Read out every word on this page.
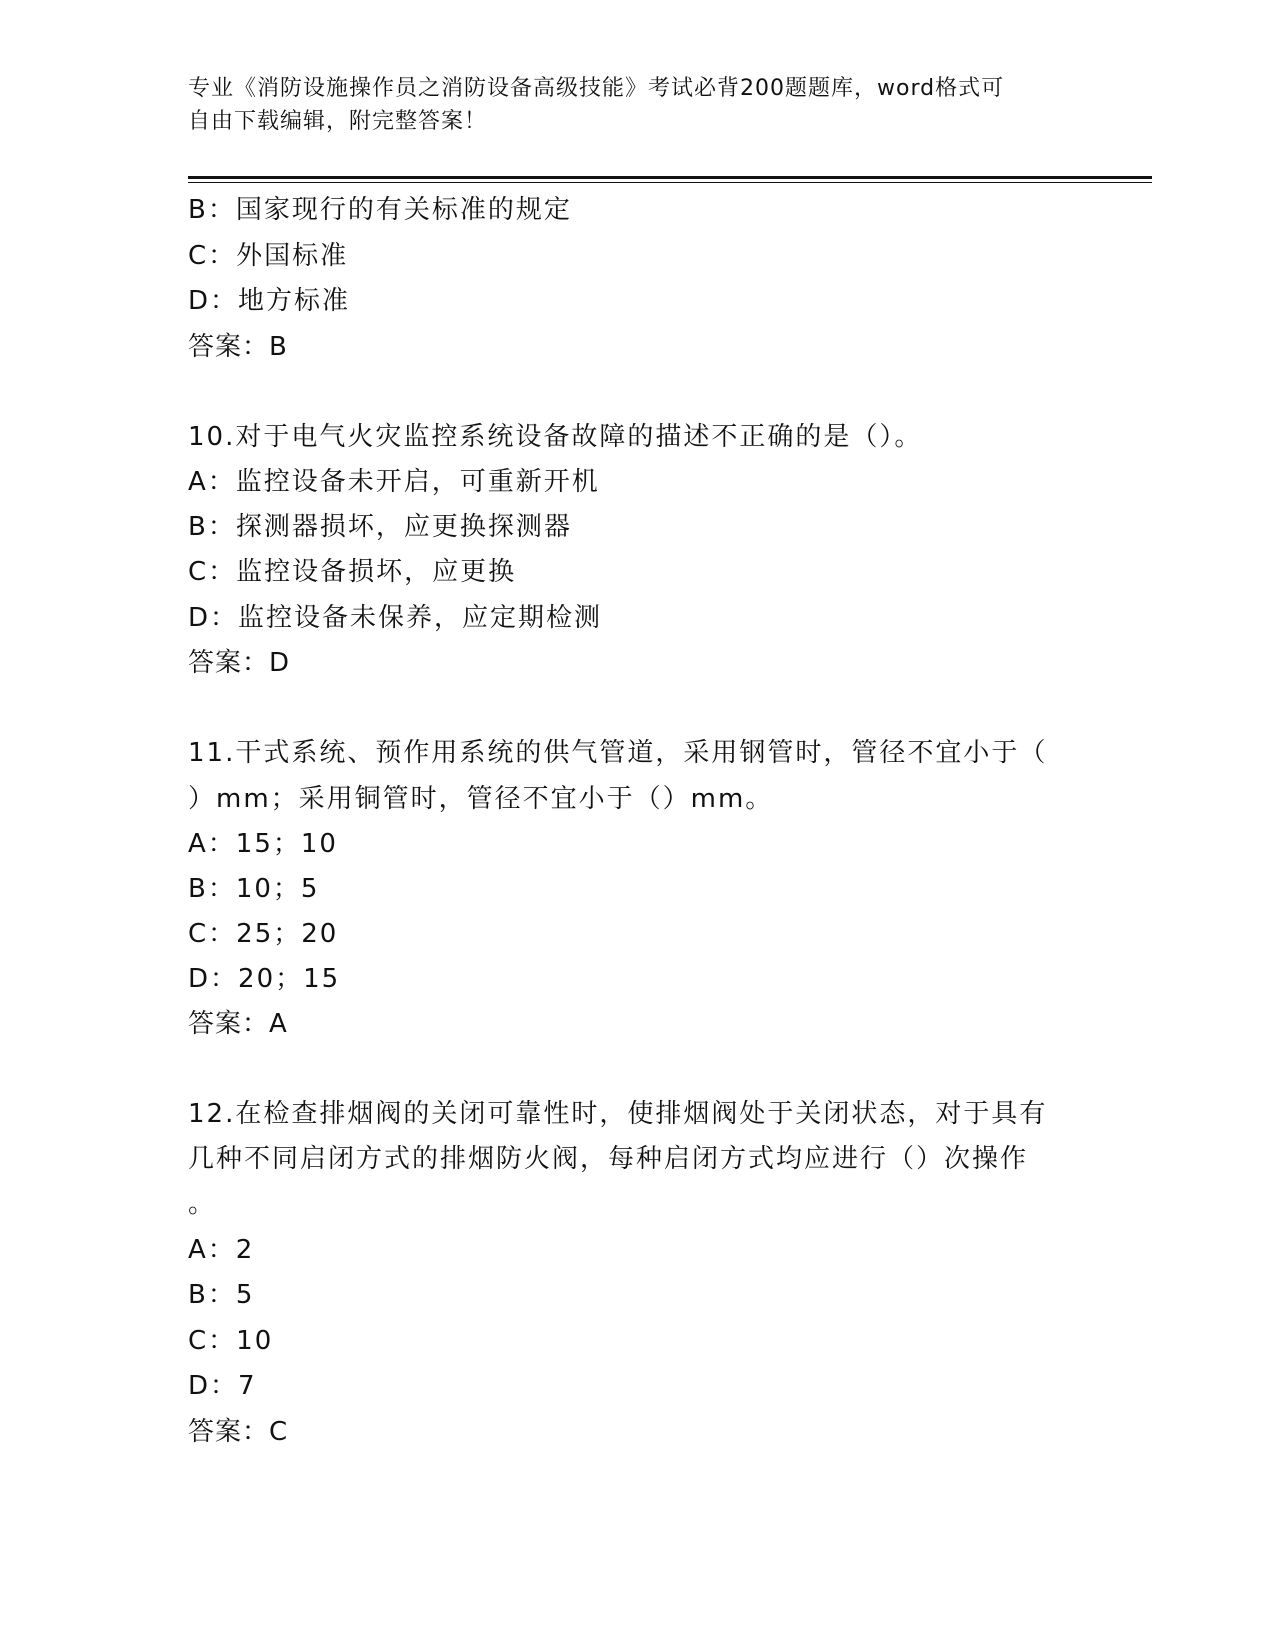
专业《消防设施操作员之消防设备高级技能》考试必背200题题库，word格式可
自由下载编辑，附完整答案！
B：国家现行的有关标准的规定
C：外国标准
D：地方标准
答案：B
10.对于电气火灾监控系统设备故障的描述不正确的是（）。
A：监控设备未开启，可重新开机
B：探测器损坏，应更换探测器
C：监控设备损坏，应更换
D：监控设备未保养，应定期检测
答案：D
11.干式系统、预作用系统的供气管道，采用钢管时，管径不宜小于（
）mm；采用铜管时，管径不宜小于（）mm。
A：15；10
B：10；5
C：25；20
D：20；15
答案：A
12.在检查排烟阀的关闭可靠性时，使排烟阀处于关闭状态，对于具有
几种不同启闭方式的排烟防火阀，每种启闭方式均应进行（）次操作
。
A：2
B：5
C：10
D：7
答案：C
